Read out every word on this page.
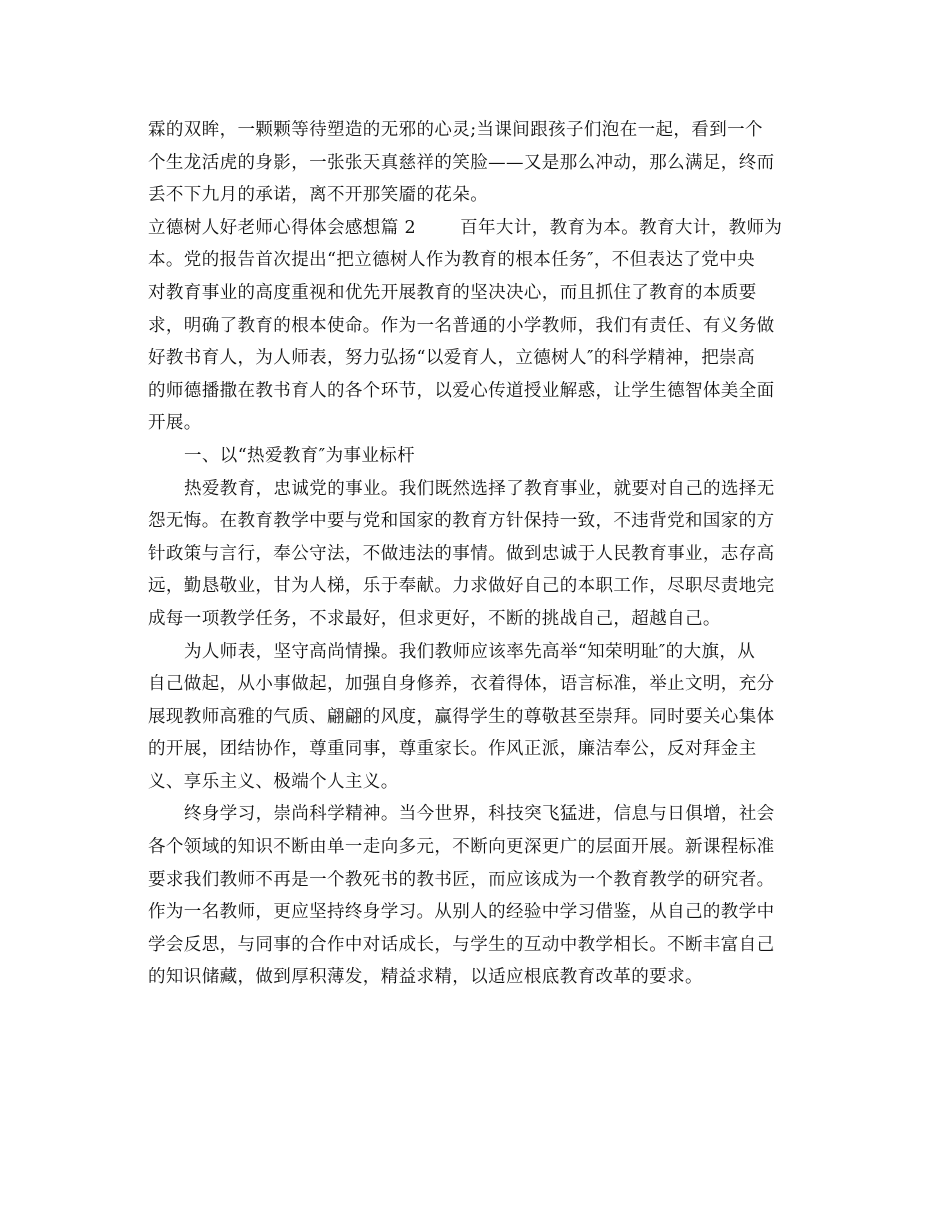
霖的双眸，一颗颗等待塑造的无邪的心灵;当课间跟孩子们泡在一起，看到一个
个生龙活虎的身影，一张张天真慈祥的笑脸——又是那么冲动，那么满足，终而
丢不下九月的承诺，离不开那笑靥的花朵。
立德树人好老师心得体会感想篇 2	百年大计，教育为本。教育大计，教师为
本。党的报告首次提出“把立德树人作为教育的根本任务″，不但表达了党中央
对教育事业的高度重视和优先开展教育的坚决决心，而且抓住了教育的本质要
求，明确了教育的根本使命。作为一名普通的小学教师，我们有责任、有义务做
好教书育人，为人师表，努力弘扬“以爱育人，立德树人″的科学精神，把崇高
的师德播撒在教书育人的各个环节，以爱心传道授业解惑，让学生德智体美全面
开展。
一、以“热爱教育″为事业标杆
热爱教育，忠诚党的事业。我们既然选择了教育事业，就要对自己的选择无
怨无悔。在教育教学中要与党和国家的教育方针保持一致，不违背党和国家的方
针政策与言行，奉公守法，不做违法的事情。做到忠诚于人民教育事业，志存高
远，勤恳敬业，甘为人梯，乐于奉献。力求做好自己的本职工作，尽职尽责地完
成每一项教学任务，不求最好，但求更好，不断的挑战自己，超越自己。
为人师表，坚守高尚情操。我们教师应该率先高举“知荣明耻″的大旗，从
自己做起，从小事做起，加强自身修养，衣着得体，语言标准，举止文明，充分
展现教师高雅的气质、翩翩的风度，赢得学生的尊敬甚至崇拜。同时要关心集体
的开展，团结协作，尊重同事，尊重家长。作风正派，廉洁奉公，反对拜金主
义、享乐主义、极端个人主义。
终身学习，崇尚科学精神。当今世界，科技突飞猛进，信息与日俱增，社会
各个领域的知识不断由单一走向多元，不断向更深更广的层面开展。新课程标准
要求我们教师不再是一个教死书的教书匠，而应该成为一个教育教学的研究者。
作为一名教师，更应坚持终身学习。从别人的经验中学习借鉴，从自己的教学中
学会反思，与同事的合作中对话成长，与学生的互动中教学相长。不断丰富自己
的知识储藏，做到厚积薄发，精益求精，以适应根底教育改革的要求。
